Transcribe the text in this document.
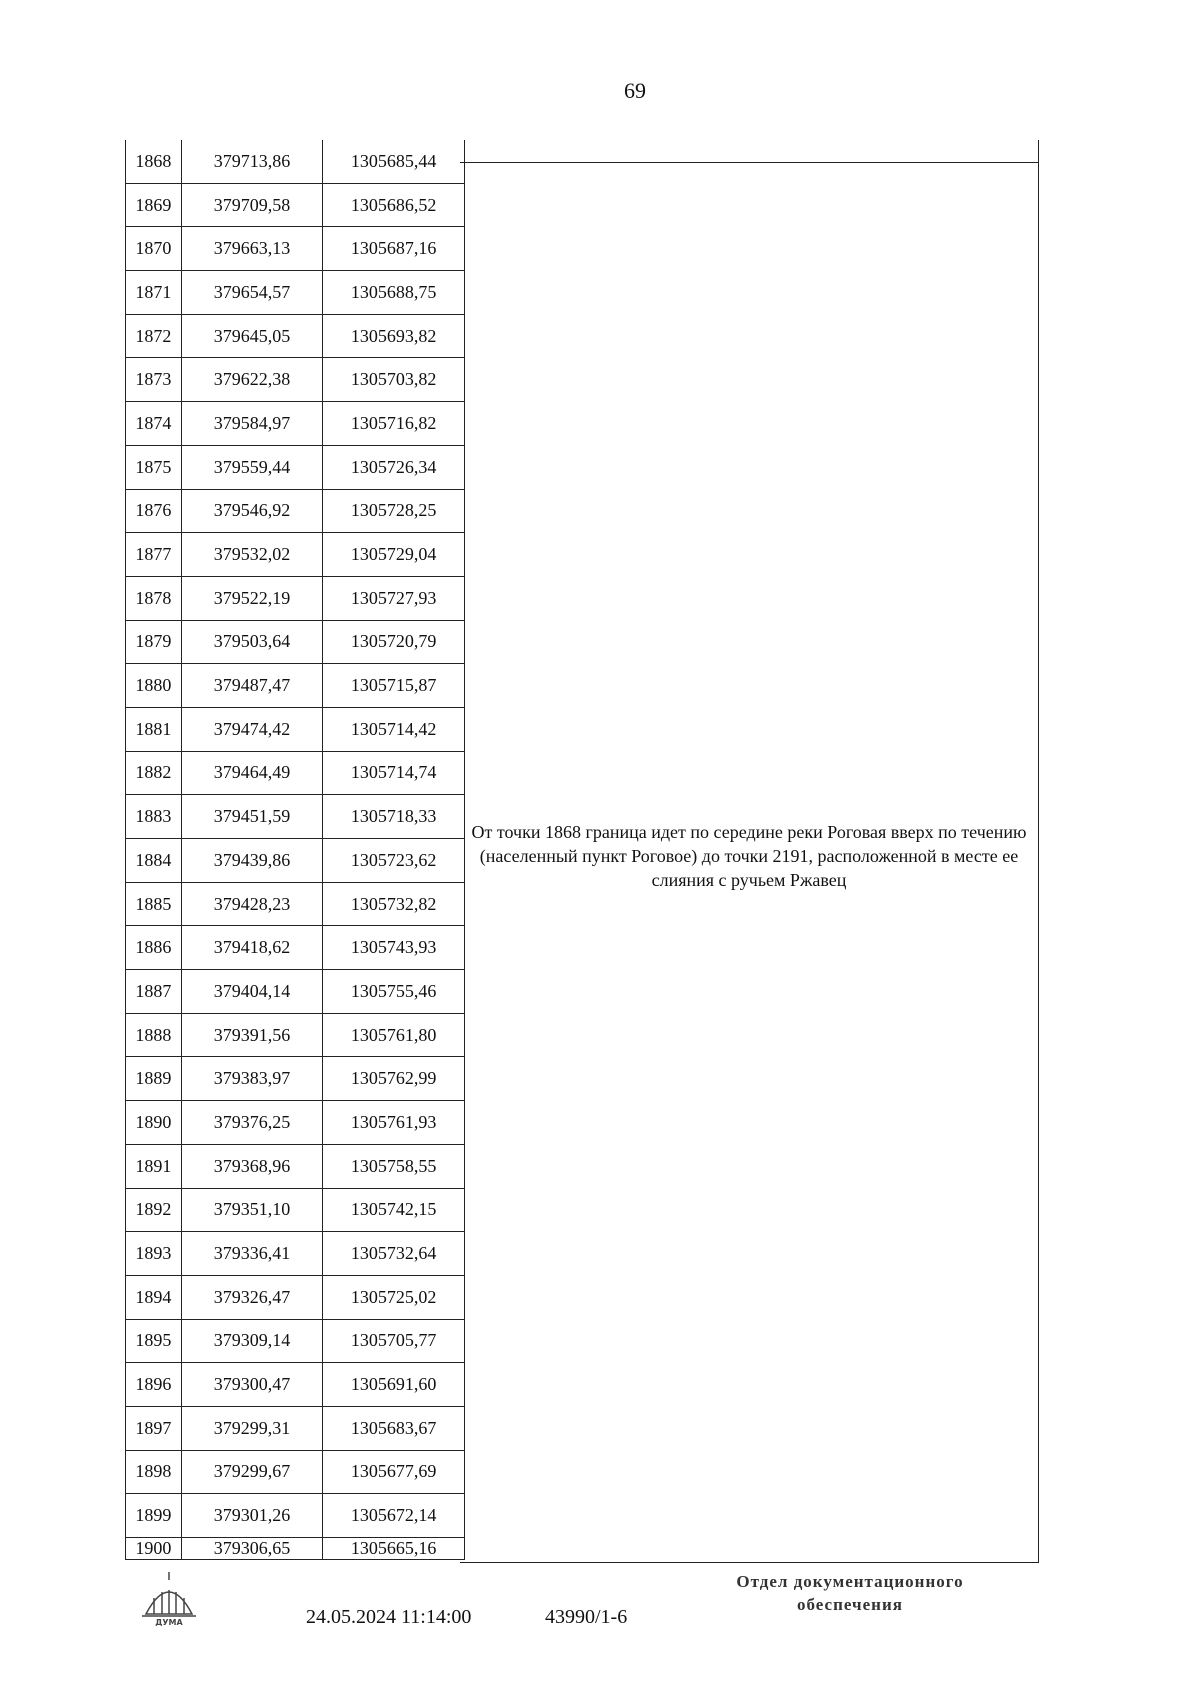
69
1868	379713,86	1305685,44
1869	379709,58	1305686,52
1870	379663,13	1305687,16
1871	379654,57	1305688,75
1872	379645,05	1305693,82
1873	379622,38	1305703,82
1874	379584,97	1305716,82
1875	379559,44	1305726,34
1876	379546,92	1305728,25
1877	379532,02	1305729,04
1878	379522,19	1305727,93
1879	379503,64	1305720,79
1880	379487,47	1305715,87
1881	379474,42	1305714,42
1882	379464,49	1305714,74
1883	379451,59	1305718,33
1884	379439,86	1305723,62
1885	379428,23	1305732,82
1886	379418,62	1305743,93
1887	379404,14	1305755,46
1888	379391,56	1305761,80
1889	379383,97	1305762,99
1890	379376,25	1305761,93
1891	379368,96	1305758,55
1892	379351,10	1305742,15
1893	379336,41	1305732,64
1894	379326,47	1305725,02
1895	379309,14	1305705,77
1896	379300,47	1305691,60
1897	379299,31	1305683,67
1898	379299,67	1305677,69
1899	379301,26	1305672,14
1900	379306,65	1305665,16
От точки 1868 граница идет по середине реки Роговая вверх по течению (населенный пункт Роговое) до точки 2191, расположенной в месте ее слияния с ручьем Ржавец
ДУМА	24.05.2024 11:14:00	43990/1-6
Отдел документационного
обеспечения
